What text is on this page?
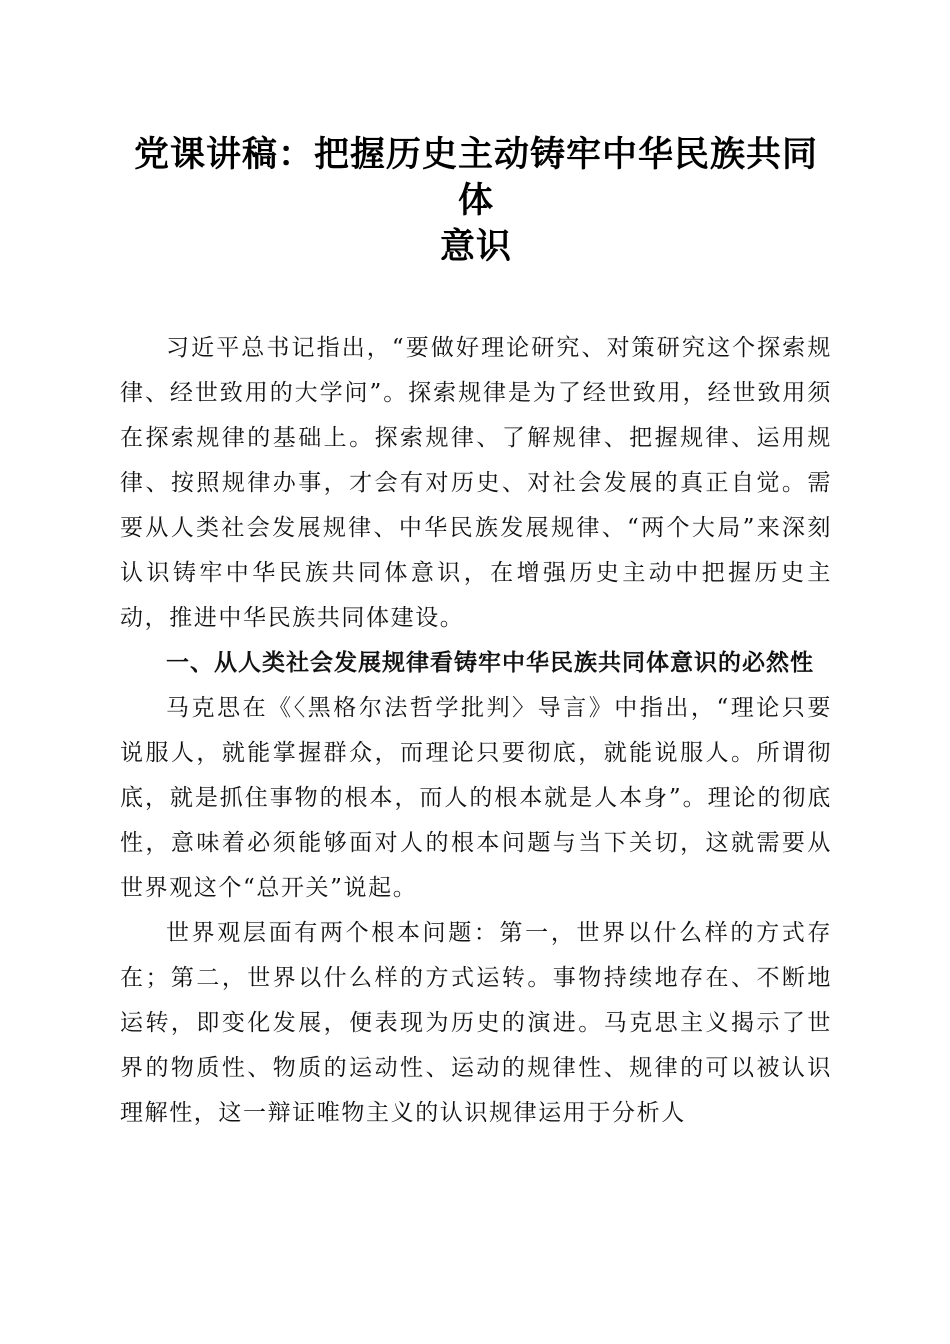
党课讲稿：把握历史主动铸牢中华民族共同体
意识

习近平总书记指出，“要做好理论研究、对策研究这个探索规律、经世致用的大学问”。探索规律是为了经世致用，经世致用须在探索规律的基础上。探索规律、了解规律、把握规律、运用规律、按照规律办事，才会有对历史、对社会发展的真正自觉。需要从人类社会发展规律、中华民族发展规律、“两个大局”来深刻认识铸牢中华民族共同体意识，在增强历史主动中把握历史主动，推进中华民族共同体建设。

一、从人类社会发展规律看铸牢中华民族共同体意识的必然性

马克思在《〈黑格尔法哲学批判〉导言》中指出，“理论只要说服人，就能掌握群众，而理论只要彻底，就能说服人。所谓彻底，就是抓住事物的根本，而人的根本就是人本身”。理论的彻底性，意味着必须能够面对人的根本问题与当下关切，这就需要从世界观这个“总开关”说起。

世界观层面有两个根本问题：第一，世界以什么样的方式存在；第二，世界以什么样的方式运转。事物持续地存在、不断地运转，即变化发展，便表现为历史的演进。马克思主义揭示了世界的物质性、物质的运动性、运动的规律性、规律的可以被认识理解性，这一辩证唯物主义的认识规律运用于分析人
